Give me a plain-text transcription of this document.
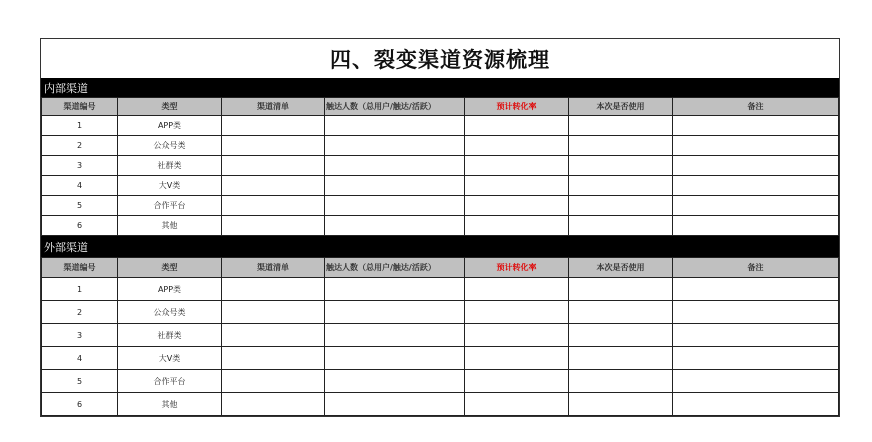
四、裂变渠道资源梳理
内部渠道
渠道编号	类型	渠道清单	触达人数（总用户/触达/活跃）	预计转化率	本次是否使用	备注
1	APP类					
2	公众号类					
3	社群类					
4	大V类					
5	合作平台					
6	其他					
外部渠道
渠道编号	类型	渠道清单	触达人数（总用户/触达/活跃）	预计转化率	本次是否使用	备注
1	APP类					
2	公众号类					
3	社群类					
4	大V类					
5	合作平台					
6	其他					
